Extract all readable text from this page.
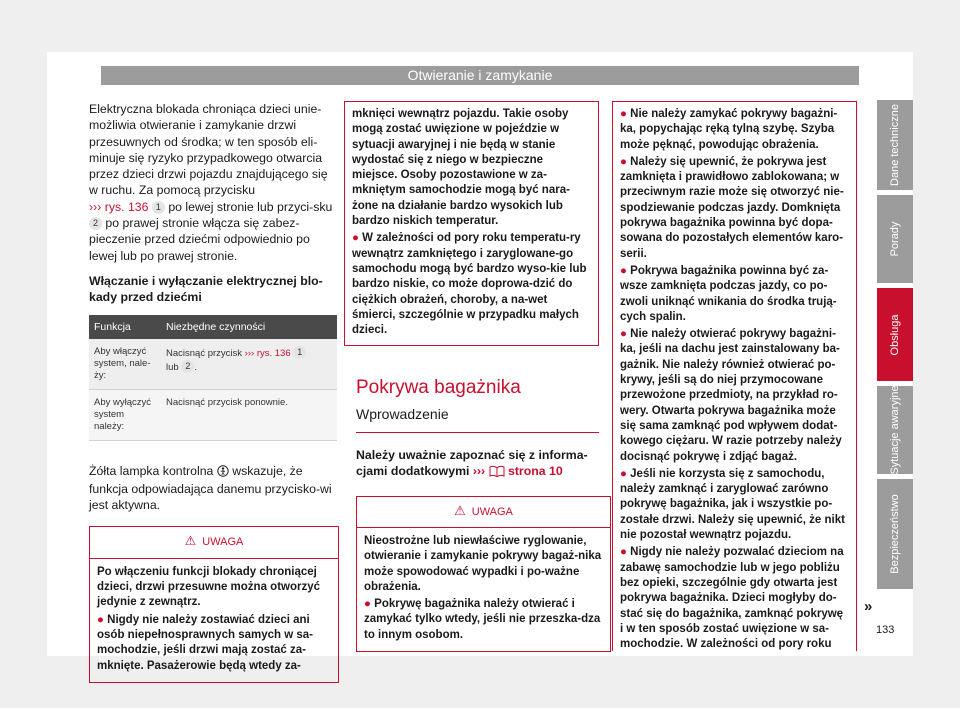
Otwieranie i zamykanie

Elektryczna blokada chroniąca dzieci unie-możliwia otwieranie i zamykanie drzwi przesuwnych od środka; w ten sposób eli-minuje się ryzyko przypadkowego otwarcia przez dzieci drzwi pojazdu znajdującego się w ruchu. Za pomocą przycisku
››› rys. 136 1 po lewej stronie lub przyci-sku 2 po prawej stronie włącza się zabez-pieczenie przed dziećmi odpowiednio po lewej lub po prawej stronie.

Włączanie i wyłączanie elektrycznej blo-kady przed dziećmi

Funkcja	Niezbędne czynności
Aby włączyć system, nale-ży:	Nacisnąć przycisk ››› rys. 136 1
lub 2 .
Aby wyłączyć system należy:	Nacisnąć przycisk ponownie.

Żółta lampka kontrolna wskazuje, że funkcja odpowiadająca danemu przycisko-wi jest aktywna.

⚠ UWAGA

Po włączeniu funkcji blokady chroniącej dzieci, drzwi przesuwne można otworzyć jedynie z zewnątrz.

● Nigdy nie należy zostawiać dzieci ani osób niepełnosprawnych samych w sa-mochodzie, jeśli drzwi mają zostać za-mknięte. Pasażerowie będą wtedy za-

mknięci wewnątrz pojazdu. Takie osoby mogą zostać uwięzione w pojeździe w sytuacji awaryjnej i nie będą w stanie wydostać się z niego w bezpieczne miejsce. Osoby pozostawione w za-mkniętym samochodzie mogą być nara-żone na działanie bardzo wysokich lub bardzo niskich temperatur.

● W zależności od pory roku temperatu-ry wewnątrz zamkniętego i zaryglowane-go samochodu mogą być bardzo wyso-kie lub bardzo niskie, co może doprowa-dzić do ciężkich obrażeń, choroby, a na-wet śmierci, szczególnie w przypadku małych dzieci.

Pokrywa bagażnika

Wprowadzenie

Należy uważnie zapoznać się z informa-cjami dodatkowymi ››› strona 10

⚠ UWAGA

Nieostrożne lub niewłaściwe ryglowanie, otwieranie i zamykanie pokrywy bagaż-nika może spowodować wypadki i po-ważne obrażenia.

● Pokrywę bagażnika należy otwierać i zamykać tylko wtedy, jeśli nie przeszka-dza to innym osobom.

● Nie należy zamykać pokrywy bagażni-ka, popychając ręką tylną szybę. Szyba może pęknąć, powodując obrażenia.

● Należy się upewnić, że pokrywa jest zamknięta i prawidłowo zablokowana; w przeciwnym razie może się otworzyć nie-spodziewanie podczas jazdy. Domknięta pokrywa bagażnika powinna być dopa-sowana do pozostałych elementów karo-serii.

● Pokrywa bagażnika powinna być za-wsze zamknięta podczas jazdy, co po-zwoli uniknąć wnikania do środka trują-cych spalin.

● Nie należy otwierać pokrywy bagażni-ka, jeśli na dachu jest zainstalowany ba-gażnik. Nie należy również otwierać po-krywy, jeśli są do niej przymocowane przewożone przedmioty, na przykład ro-wery. Otwarta pokrywa bagażnika może się sama zamknąć pod wpływem dodat-kowego ciężaru. W razie potrzeby należy docisnąć pokrywę i zdjąć bagaż.

● Jeśli nie korzysta się z samochodu, należy zamknąć i zaryglować zarówno pokrywę bagażnika, jak i wszystkie po-zostałe drzwi. Należy się upewnić, że nikt nie pozostał wewnątrz pojazdu.

● Nigdy nie należy pozwalać dzieciom na zabawę samochodzie lub w jego pobliżu bez opieki, szczególnie gdy otwarta jest pokrywa bagażnika. Dzieci mogłyby do-stać się do bagażnika, zamknąć pokrywę i w ten sposób zostać uwięzione w sa-mochodzie. W zależności od pory roku

»
Dane techniczne
Porady
Obsługa
Sytuacje awaryjne
Bezpieczeństwo
133
